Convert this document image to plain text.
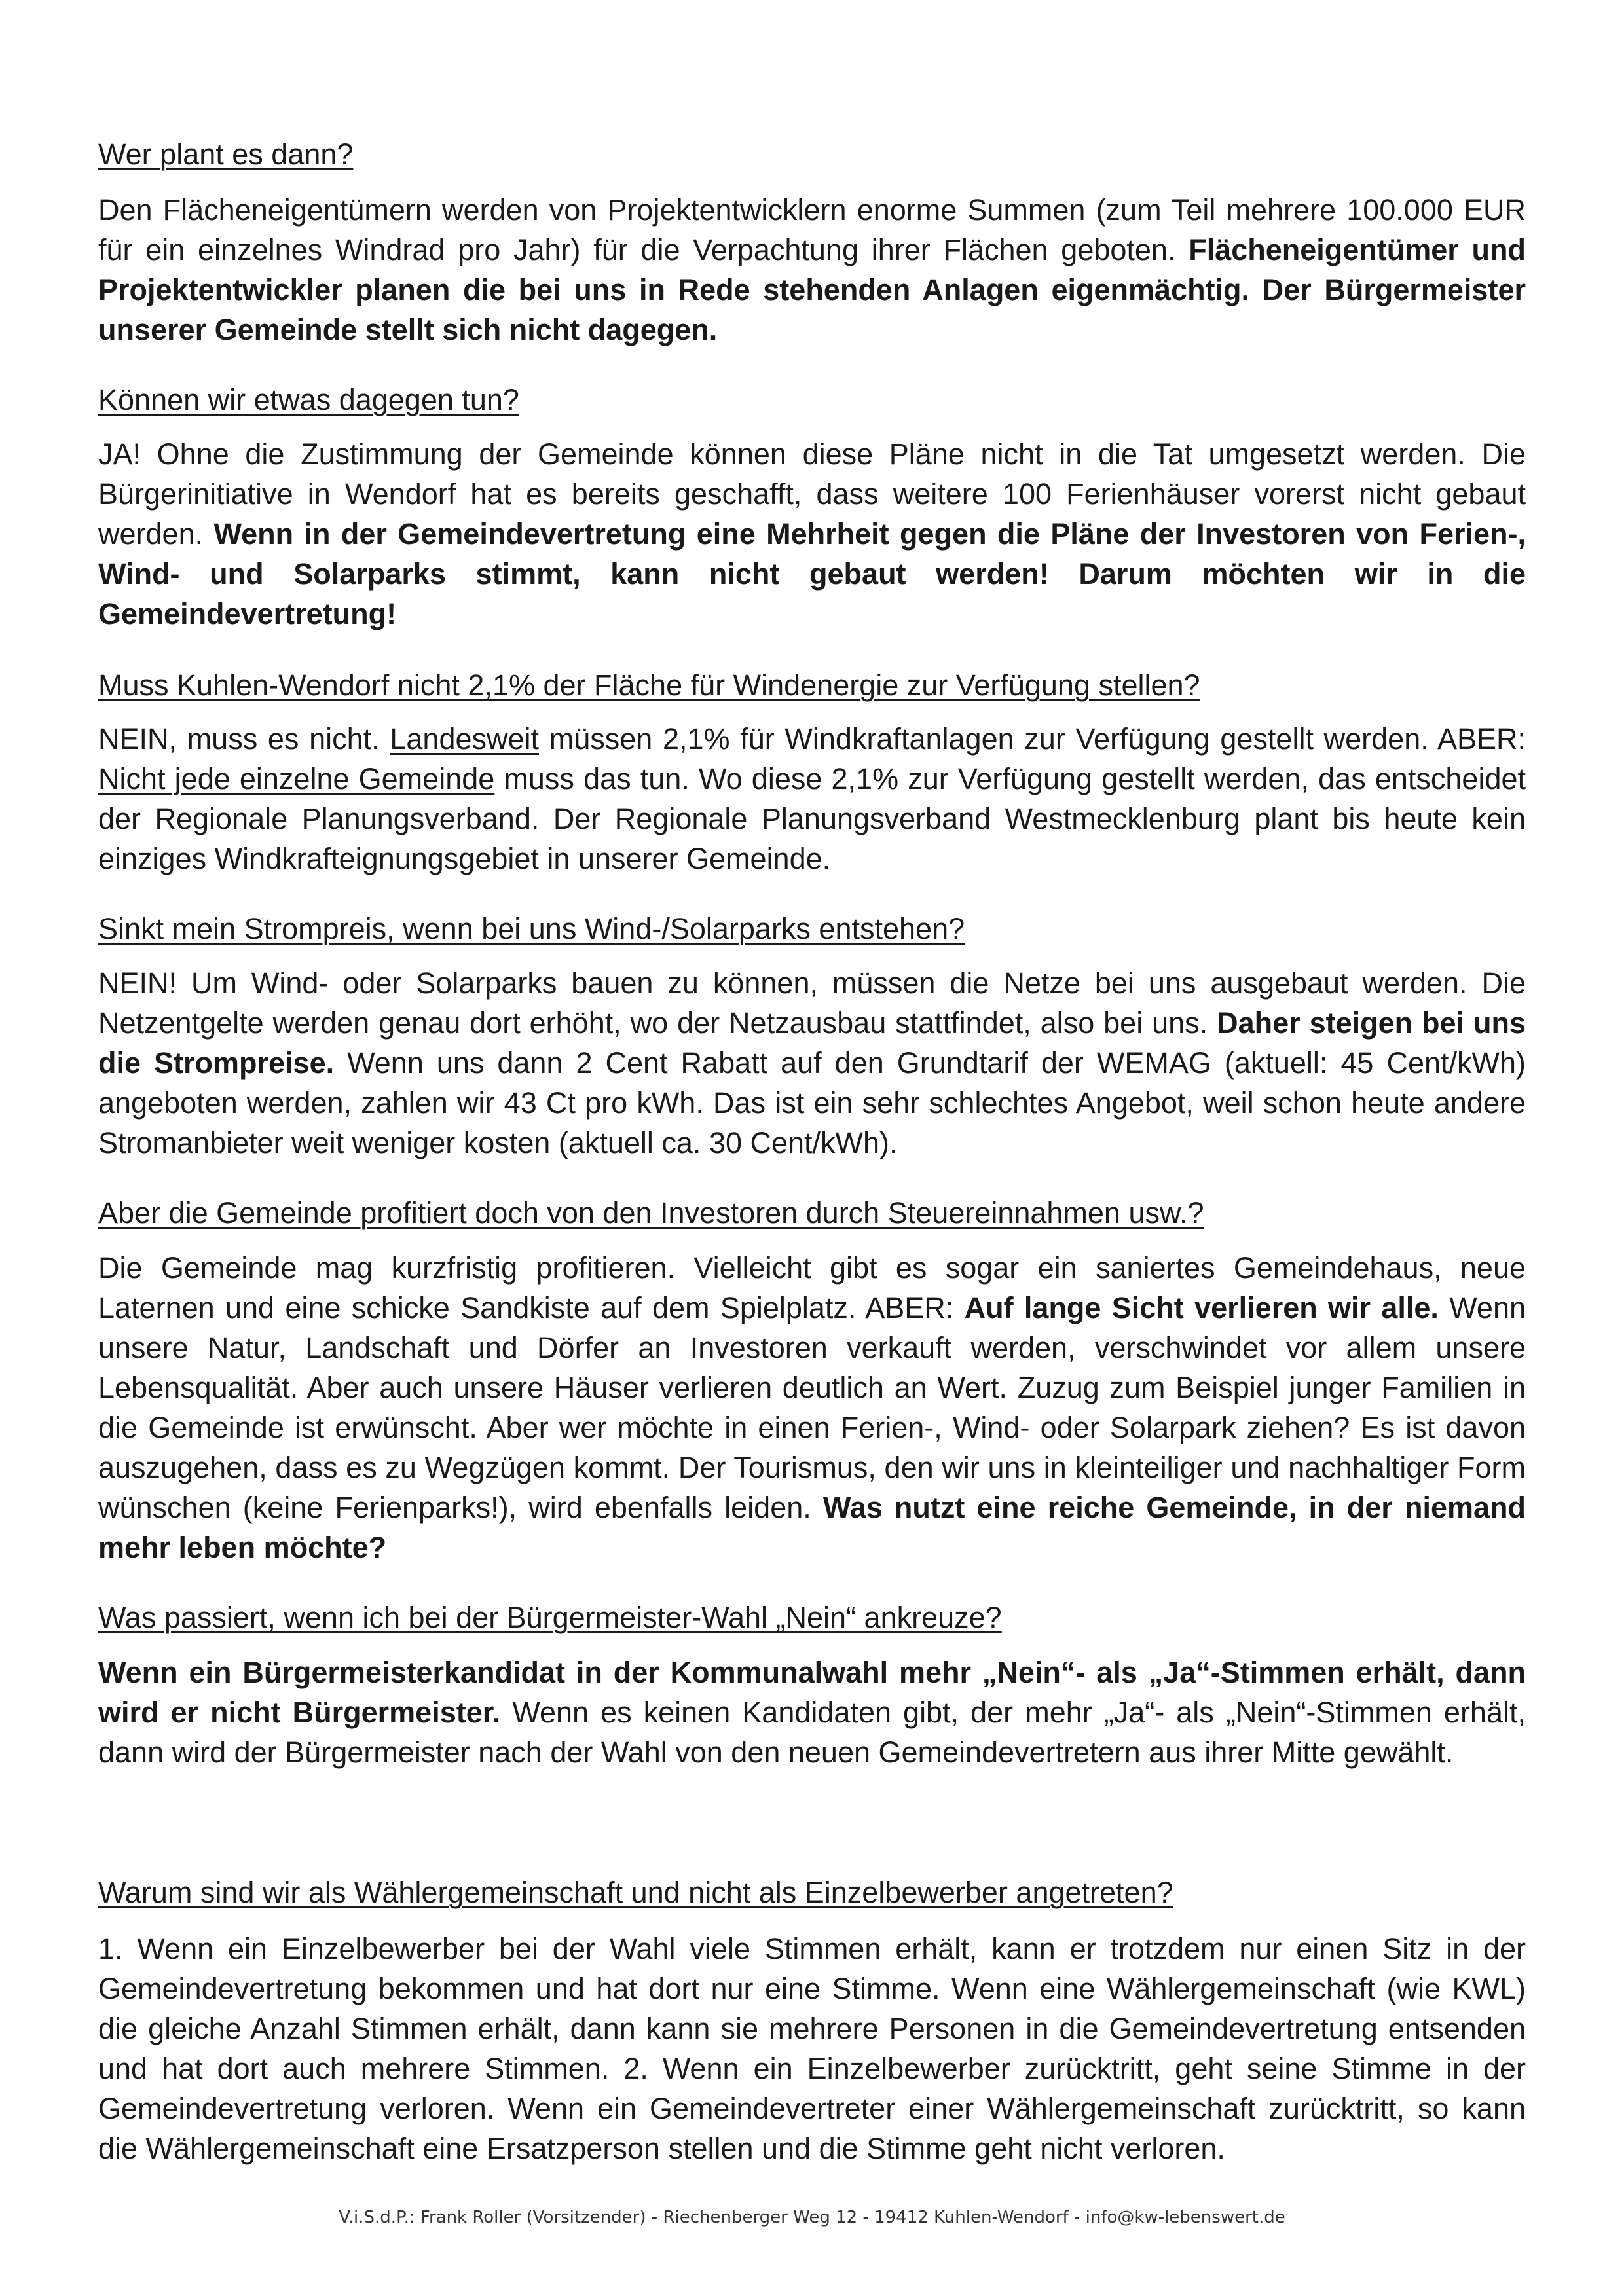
Wer plant es dann?
Den Flächeneigentümern werden von Projektentwicklern enorme Summen (zum Teil mehrere 100.000 EUR für ein einzelnes Windrad pro Jahr) für die Verpachtung ihrer Flächen geboten. Flächeneigentümer und Projektentwickler planen die bei uns in Rede stehenden Anlagen eigenmächtig. Der Bürgermeister unserer Gemeinde stellt sich nicht dagegen.
Können wir etwas dagegen tun?
JA! Ohne die Zustimmung der Gemeinde können diese Pläne nicht in die Tat umgesetzt werden. Die Bürgerinitiative in Wendorf hat es bereits geschafft, dass weitere 100 Ferienhäuser vorerst nicht gebaut werden. Wenn in der Gemeindevertretung eine Mehrheit gegen die Pläne der Investoren von Ferien-, Wind- und Solarparks stimmt, kann nicht gebaut werden! Darum möchten wir in die Gemeindevertretung!
Muss Kuhlen-Wendorf nicht 2,1% der Fläche für Windenergie zur Verfügung stellen?
NEIN, muss es nicht. Landesweit müssen 2,1% für Windkraftanlagen zur Verfügung gestellt werden. ABER: Nicht jede einzelne Gemeinde muss das tun. Wo diese 2,1% zur Verfügung gestellt werden, das entscheidet der Regionale Planungsverband. Der Regionale Planungsverband Westmecklenburg plant bis heute kein einziges Windkrafteignungsgebiet in unserer Gemeinde.
Sinkt mein Strompreis, wenn bei uns Wind-/Solarparks entstehen?
NEIN! Um Wind- oder Solarparks bauen zu können, müssen die Netze bei uns ausgebaut werden. Die Netzentgelte werden genau dort erhöht, wo der Netzausbau stattfindet, also bei uns. Daher steigen bei uns die Strompreise. Wenn uns dann 2 Cent Rabatt auf den Grundtarif der WEMAG (aktuell: 45 Cent/kWh) angeboten werden, zahlen wir 43 Ct pro kWh. Das ist ein sehr schlechtes Angebot, weil schon heute andere Stromanbieter weit weniger kosten (aktuell ca. 30 Cent/kWh).
Aber die Gemeinde profitiert doch von den Investoren durch Steuereinnahmen usw.?
Die Gemeinde mag kurzfristig profitieren. Vielleicht gibt es sogar ein saniertes Gemeindehaus, neue Laternen und eine schicke Sandkiste auf dem Spielplatz. ABER: Auf lange Sicht verlieren wir alle. Wenn unsere Natur, Landschaft und Dörfer an Investoren verkauft werden, verschwindet vor allem unsere Lebensqualität. Aber auch unsere Häuser verlieren deutlich an Wert. Zuzug zum Beispiel junger Familien in die Gemeinde ist erwünscht. Aber wer möchte in einen Ferien-, Wind- oder Solarpark ziehen? Es ist davon auszugehen, dass es zu Wegzügen kommt. Der Tourismus, den wir uns in kleinteiliger und nachhaltiger Form wünschen (keine Ferienparks!), wird ebenfalls leiden. Was nutzt eine reiche Gemeinde, in der niemand mehr leben möchte?
Was passiert, wenn ich bei der Bürgermeister-Wahl „Nein“ ankreuze?
Wenn ein Bürgermeisterkandidat in der Kommunalwahl mehr „Nein“- als „Ja“-Stimmen erhält, dann wird er nicht Bürgermeister. Wenn es keinen Kandidaten gibt, der mehr „Ja“- als „Nein“-Stimmen erhält, dann wird der Bürgermeister nach der Wahl von den neuen Gemeindevertretern aus ihrer Mitte gewählt.
Warum sind wir als Wählergemeinschaft und nicht als Einzelbewerber angetreten?
1. Wenn ein Einzelbewerber bei der Wahl viele Stimmen erhält, kann er trotzdem nur einen Sitz in der Gemeindevertretung bekommen und hat dort nur eine Stimme. Wenn eine Wählergemeinschaft (wie KWL) die gleiche Anzahl Stimmen erhält, dann kann sie mehrere Personen in die Gemeindevertretung entsenden und hat dort auch mehrere Stimmen. 2. Wenn ein Einzelbewerber zurücktritt, geht seine Stimme in der Gemeindevertretung verloren. Wenn ein Gemeindevertreter einer Wählergemeinschaft zurücktritt, so kann die Wählergemeinschaft eine Ersatzperson stellen und die Stimme geht nicht verloren.
V.i.S.d.P.: Frank Roller (Vorsitzender) - Riechenberger Weg 12 - 19412 Kuhlen-Wendorf - info@kw-lebenswert.de
